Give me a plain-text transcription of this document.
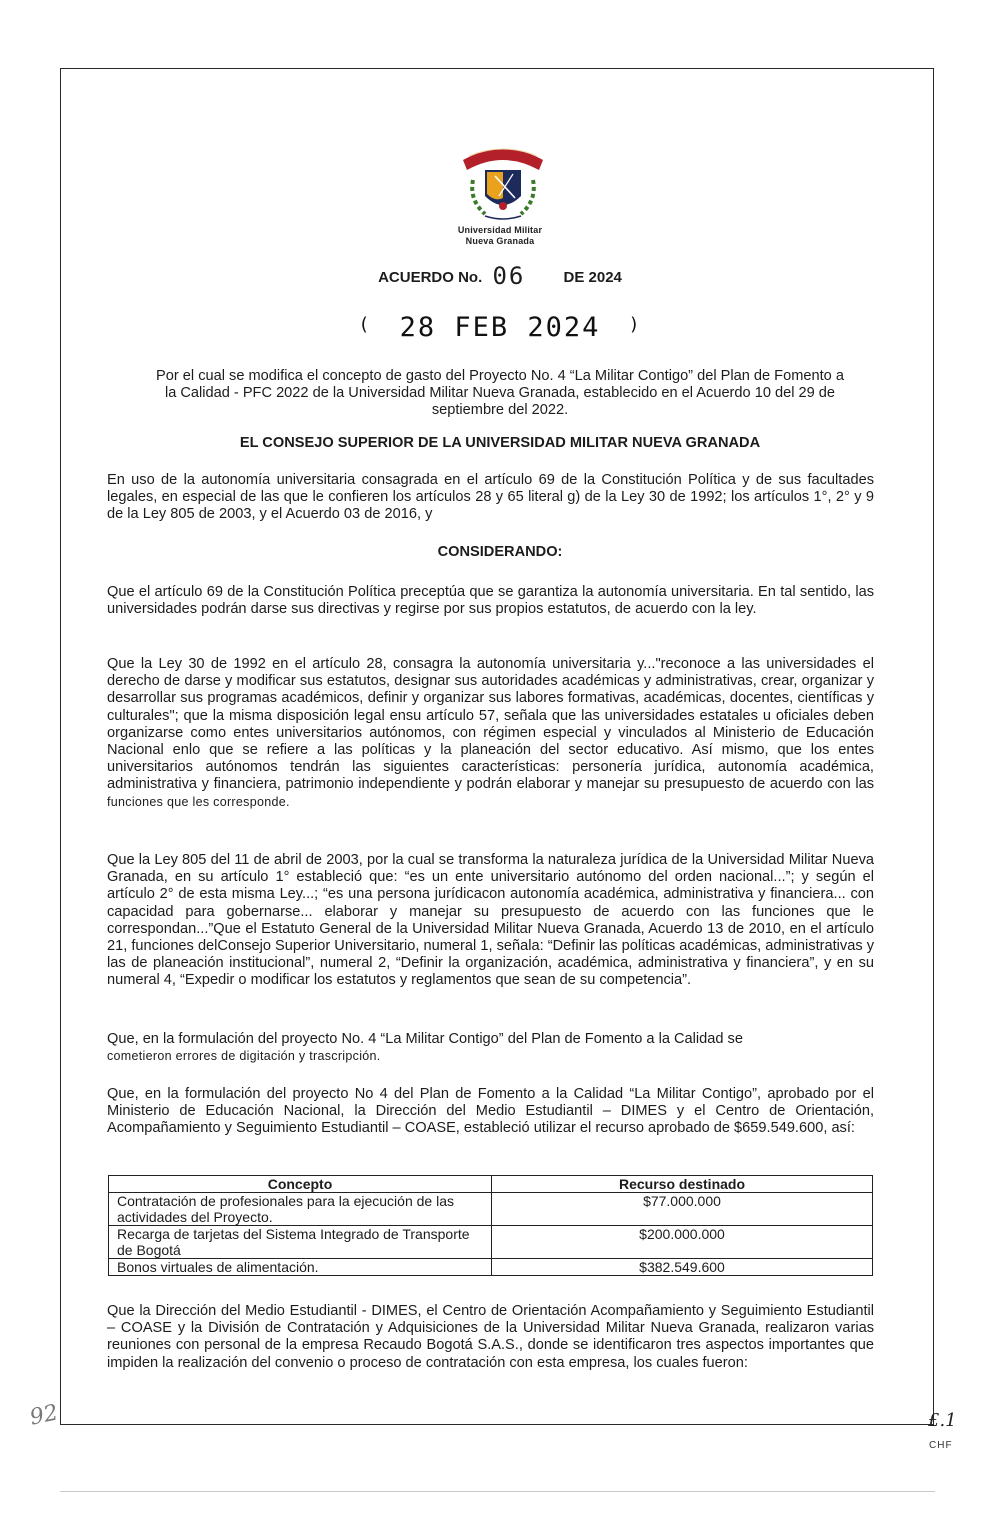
Universidad Militar
Nueva Granada
ACUERDO No. 06	DE 2024
( 28 FEB 2024 )
Por el cual se modifica el concepto de gasto del Proyecto No. 4 “La Militar Contigo” del Plan de Fomento a la Calidad - PFC 2022 de la Universidad Militar Nueva Granada, establecido en el Acuerdo 10 del 29 de septiembre del 2022.
EL CONSEJO SUPERIOR DE LA UNIVERSIDAD MILITAR NUEVA GRANADA
En uso de la autonomía universitaria consagrada en el artículo 69 de la Constitución Política y de sus facultades legales, en especial de las que le confieren los artículos 28 y 65 literal g) de la Ley 30 de 1992; los artículos 1°, 2° y 9 de la Ley 805 de 2003, y el Acuerdo 03 de 2016, y
CONSIDERANDO:
Que el artículo 69 de la Constitución Política preceptúa que se garantiza la autonomía universitaria. En tal sentido, las universidades podrán darse sus directivas y regirse por sus propios estatutos, de acuerdo con la ley.
Que la Ley 30 de 1992 en el artículo 28, consagra la autonomía universitaria y..."reconoce a las universidades el derecho de darse y modificar sus estatutos, designar sus autoridades académicas y administrativas, crear, organizar y desarrollar sus programas académicos, definir y organizar sus labores formativas, académicas, docentes, científicas y culturales"; que la misma disposición legal ensu artículo 57, señala que las universidades estatales u oficiales deben organizarse como entes universitarios autónomos, con régimen especial y vinculados al Ministerio de Educación Nacional enlo que se refiere a las políticas y la planeación del sector educativo. Así mismo, que los entes universitarios autónomos tendrán las siguientes características: personería jurídica, autonomía académica, administrativa y financiera, patrimonio independiente y podrán elaborar y manejar su presupuesto de acuerdo con las funciones que les corresponde.
Que la Ley 805 del 11 de abril de 2003, por la cual se transforma la naturaleza jurídica de la Universidad Militar Nueva Granada, en su artículo 1° estableció que: “es un ente universitario autónomo del orden nacional...”; y según el artículo 2° de esta misma Ley...; “es una persona jurídicacon autonomía académica, administrativa y financiera... con capacidad para gobernarse... elaborar y manejar su presupuesto de acuerdo con las funciones que le correspondan...”Que el Estatuto General de la Universidad Militar Nueva Granada, Acuerdo 13 de 2010, en el artículo 21, funciones delConsejo Superior Universitario, numeral 1, señala: “Definir las políticas académicas, administrativas y las de planeación institucional”, numeral 2, “Definir la organización, académica, administrativa y financiera”, y en su numeral 4, “Expedir o modificar los estatutos y reglamentos que sean de su competencia”.
Que, en la formulación del proyecto No. 4 “La Militar Contigo” del Plan de Fomento a la Calidad se
cometieron errores de digitación y trascripción.
Que, en la formulación del proyecto No 4 del Plan de Fomento a la Calidad “La Militar Contigo”, aprobado por el Ministerio de Educación Nacional, la Dirección del Medio Estudiantil – DIMES y el Centro de Orientación, Acompañamiento y Seguimiento Estudiantil – COASE, estableció utilizar el recurso aprobado de $659.549.600, así:
Concepto	Recurso destinado
Contratación de profesionales para la ejecución de las actividades del Proyecto.	$77.000.000
Recarga de tarjetas del Sistema Integrado de Transporte de Bogotá	$200.000.000
Bonos virtuales de alimentación.	$382.549.600
Que la Dirección del Medio Estudiantil - DIMES, el Centro de Orientación Acompañamiento y Seguimiento Estudiantil – COASE y la División de Contratación y Adquisiciones de la Universidad Militar Nueva Granada, realizaron varias reuniones con personal de la empresa Recaudo Bogotá S.A.S., donde se identificaron tres aspectos importantes que impiden la realización del convenio o proceso de contratación con esta empresa, los cuales fueron:
92	£.1
CHF
